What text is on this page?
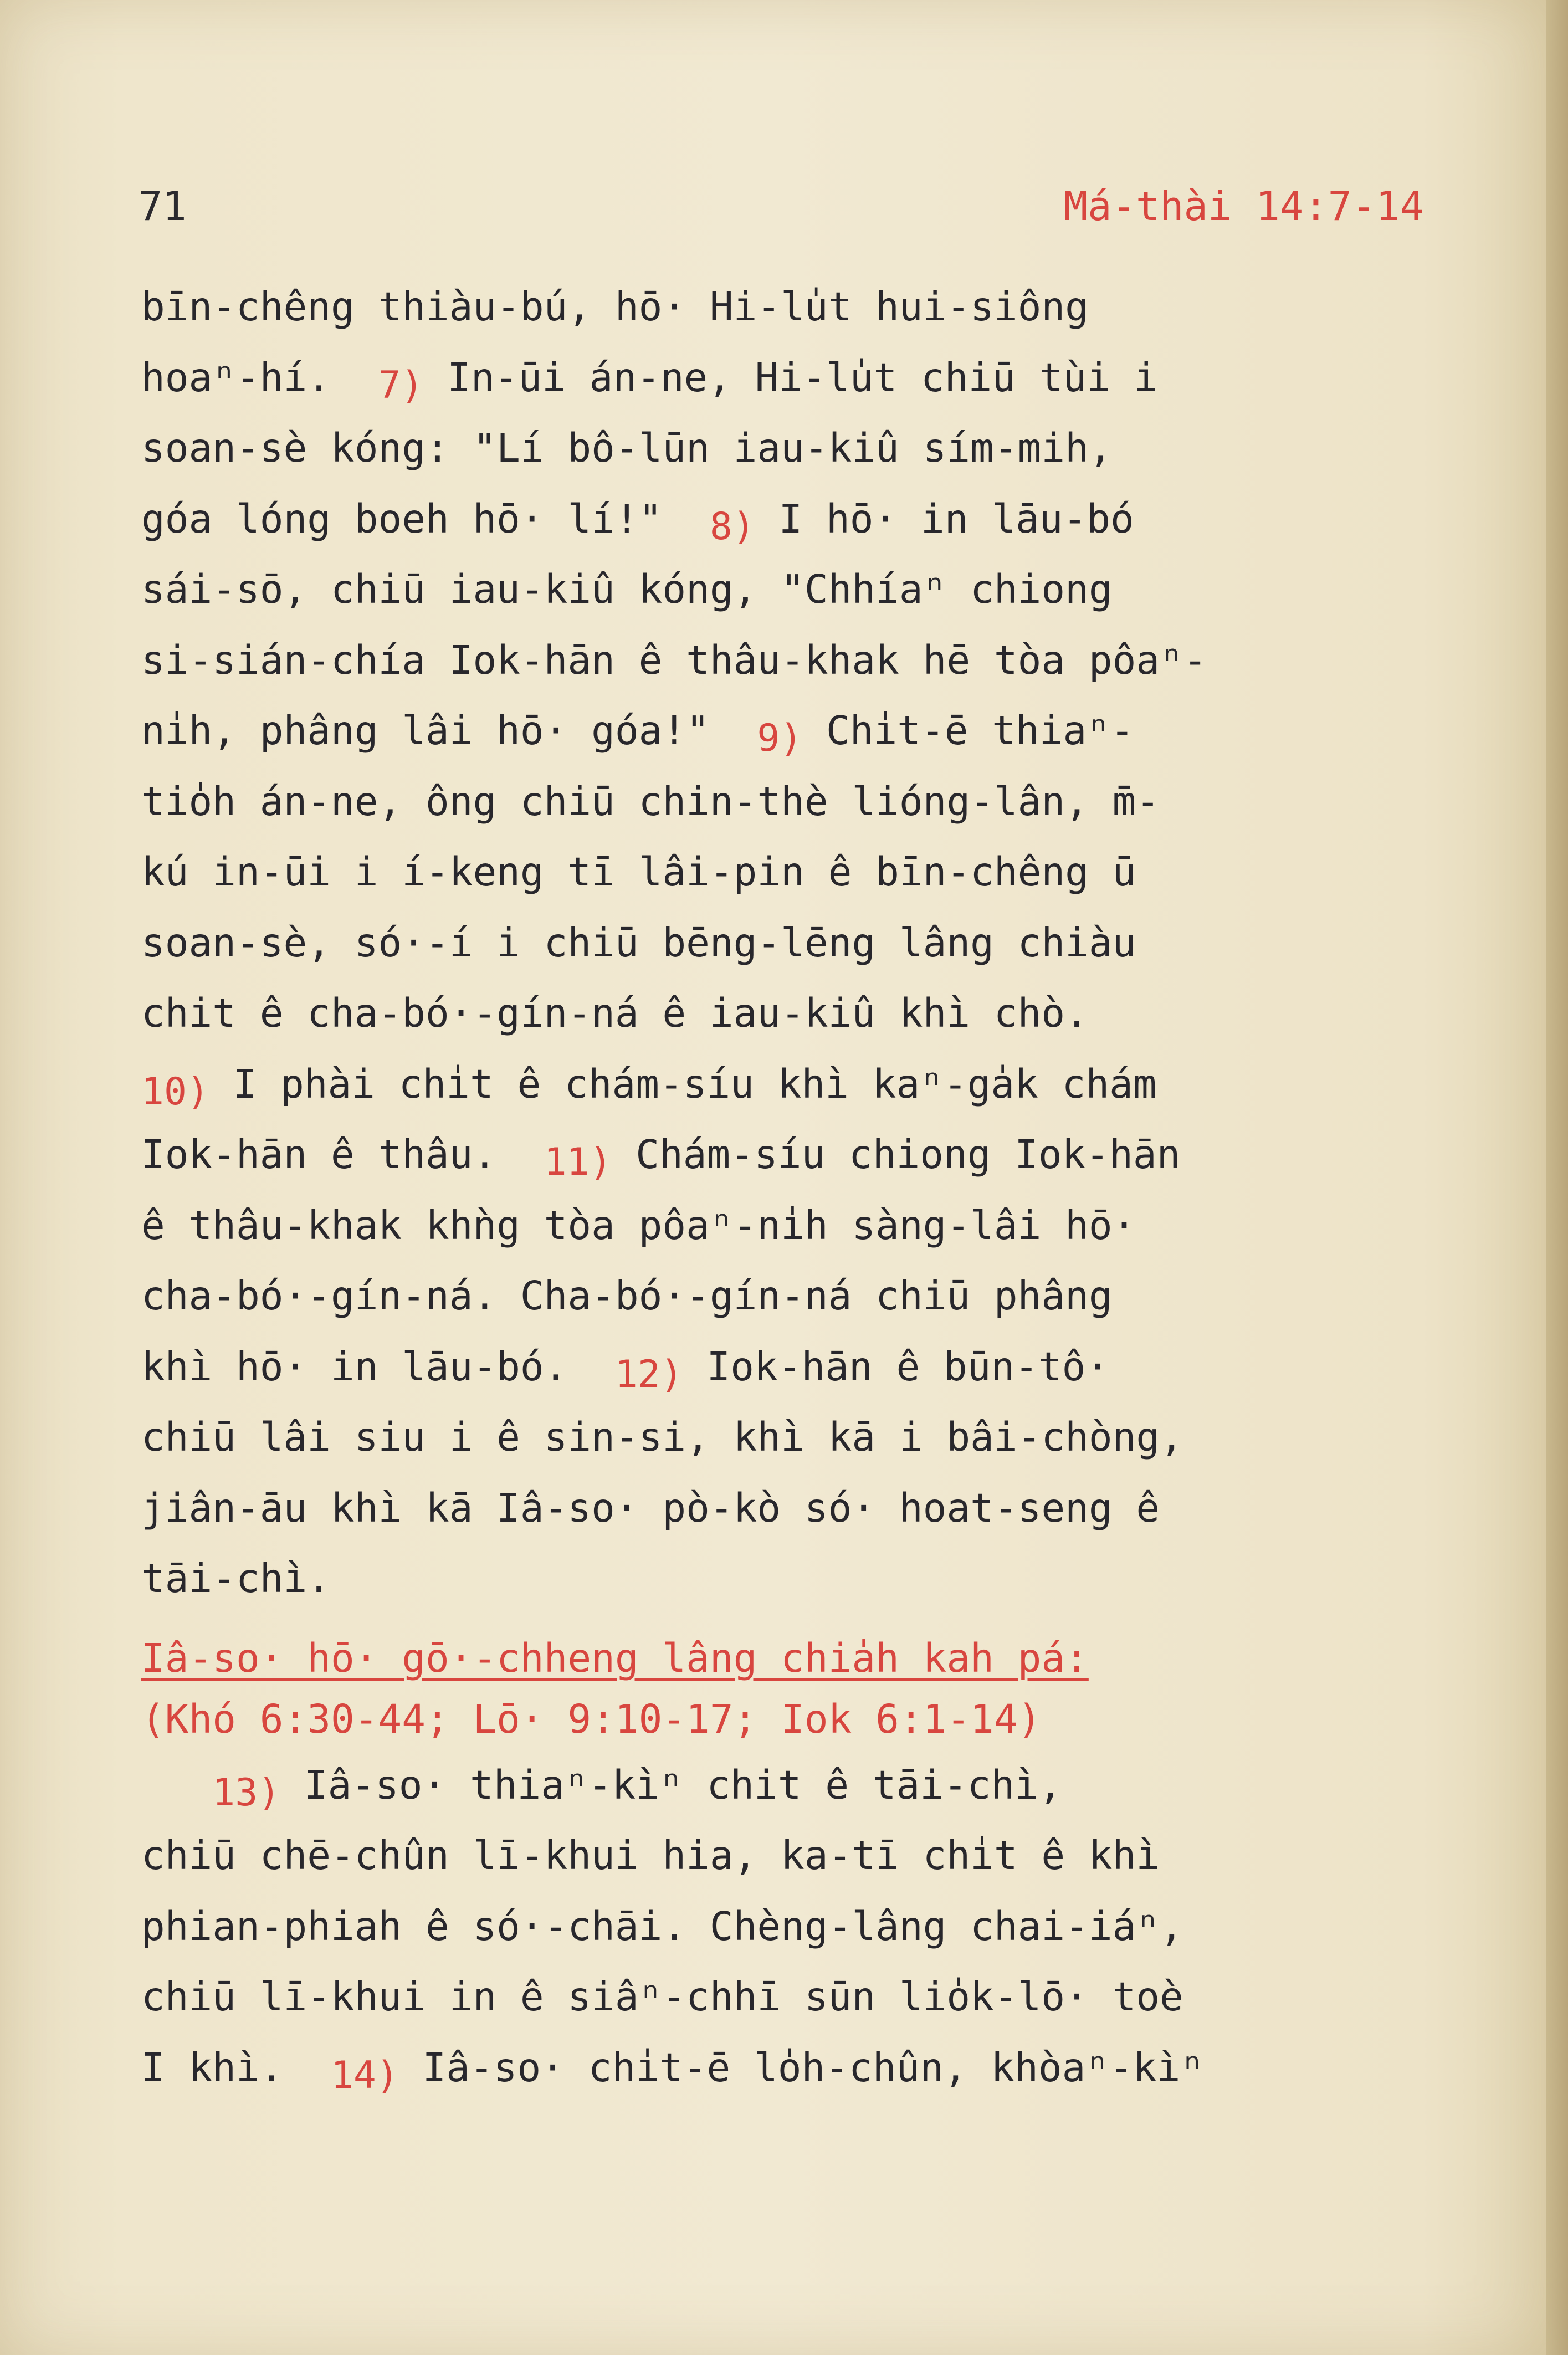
71	Má-thài 14:7-14
bīn-chêng thiàu-bú, hō· Hi-lu̍t hui-siông
hoaⁿ-hí.  7) In-ūi án-ne, Hi-lu̍t chiū tùi i
soan-sè kóng: "Lí bô-lūn iau-kiû sím-mih,
góa lóng boeh hō· lí!"  8) I hō· in lāu-bó
sái-sō, chiū iau-kiû kóng, "Chhíaⁿ chiong
si-sián-chía Iok-hān ê thâu-khak hē tòa pôaⁿ-
ni̍h, phâng lâi hō· góa!"  9) Chi̍t-ē thiaⁿ-
tio̍h án-ne, ông chiū chin-thè lióng-lân, m̄-
kú in-ūi i í-keng tī lâi-pin ê bīn-chêng ū
soan-sè, só·-í i chiū bēng-lēng lâng chiàu
chit ê cha-bó·-gín-ná ê iau-kiû khì chò.
10) I phài chi̍t ê chám-síu khì kaⁿ-ga̍k chám
Iok-hān ê thâu.  11) Chám-síu chiong Iok-hān
ê thâu-khak khǹg tòa pôaⁿ-ni̍h sàng-lâi hō·
cha-bó·-gín-ná. Cha-bó·-gín-ná chiū phâng
khì hō· in lāu-bó.  12) Iok-hān ê būn-tô·
chiū lâi siu i ê sin-si, khì kā i bâi-chòng,
jiân-āu khì kā Iâ-so· pò-kò só· hoat-seng ê
tāi-chì.
Iâ-so· hō· gō·-chheng lâng chia̍h kah pá:
(Khó 6:30-44; Lō· 9:10-17; Iok 6:1-14)
13) Iâ-so· thiaⁿ-kìⁿ chit ê tāi-chì,
chiū chē-chûn lī-khui hia, ka-tī chi̍t ê khì
phian-phiah ê só·-chāi. Chèng-lâng chai-iáⁿ,
chiū lī-khui in ê siâⁿ-chhī sūn lio̍k-lō· toè
I khì.  14) Iâ-so· chi̍t-ē lo̍h-chûn, khòaⁿ-kìⁿ
